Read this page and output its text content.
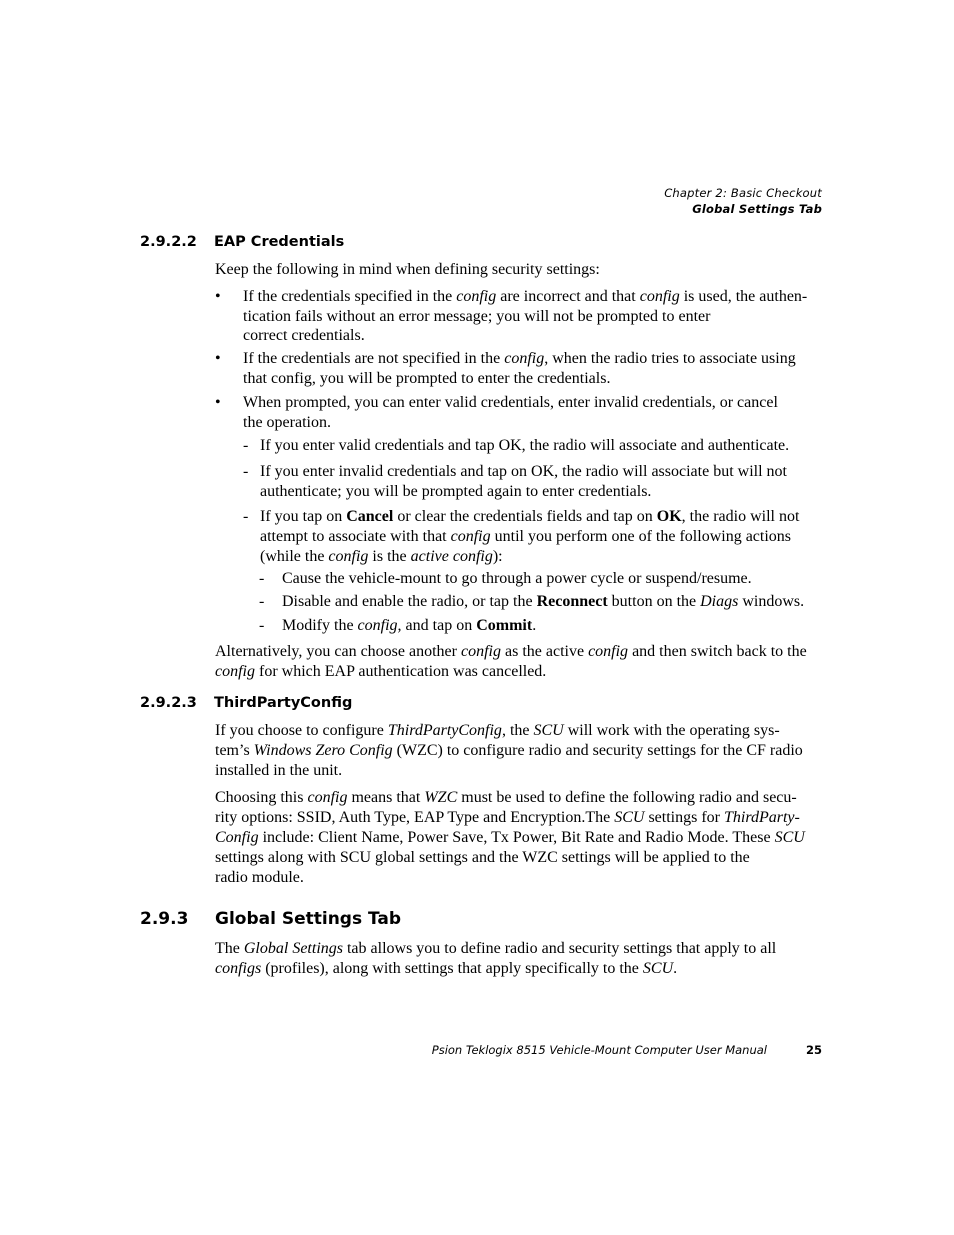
Chapter 2: Basic Checkout
Global Settings Tab
2.9.2.2 EAP Credentials

Keep the following in mind when defining security settings:

• If the credentials specified in the config are incorrect and that config is used, the authen-
tication fails without an error message; you will not be prompted to enter
correct credentials.
• If the credentials are not specified in the config, when the radio tries to associate using
that config, you will be prompted to enter the credentials.
• When prompted, you can enter valid credentials, enter invalid credentials, or cancel
the operation.
- If you enter valid credentials and tap OK, the radio will associate and authenticate.
- If you enter invalid credentials and tap on OK, the radio will associate but will not
authenticate; you will be prompted again to enter credentials.
- If you tap on Cancel or clear the credentials fields and tap on OK, the radio will not
attempt to associate with that config until you perform one of the following actions
(while the config is the active config):
- Cause the vehicle-mount to go through a power cycle or suspend/resume.
- Disable and enable the radio, or tap the Reconnect button on the Diags windows.
- Modify the config, and tap on Commit.

Alternatively, you can choose another config as the active config and then switch back to the
config for which EAP authentication was cancelled.

2.9.2.3 ThirdPartyConfig

If you choose to configure ThirdPartyConfig, the SCU will work with the operating sys-
tem’s Windows Zero Config (WZC) to configure radio and security settings for the CF radio
installed in the unit.

Choosing this config means that WZC must be used to define the following radio and secu-
rity options: SSID, Auth Type, EAP Type and Encryption.The SCU settings for ThirdParty-
Config include: Client Name, Power Save, Tx Power, Bit Rate and Radio Mode. These SCU
settings along with SCU global settings and the WZC settings will be applied to the
radio module.

2.9.3 Global Settings Tab

The Global Settings tab allows you to define radio and security settings that apply to all
configs (profiles), along with settings that apply specifically to the SCU.

Psion Teklogix 8515 Vehicle-Mount Computer User Manual	25
